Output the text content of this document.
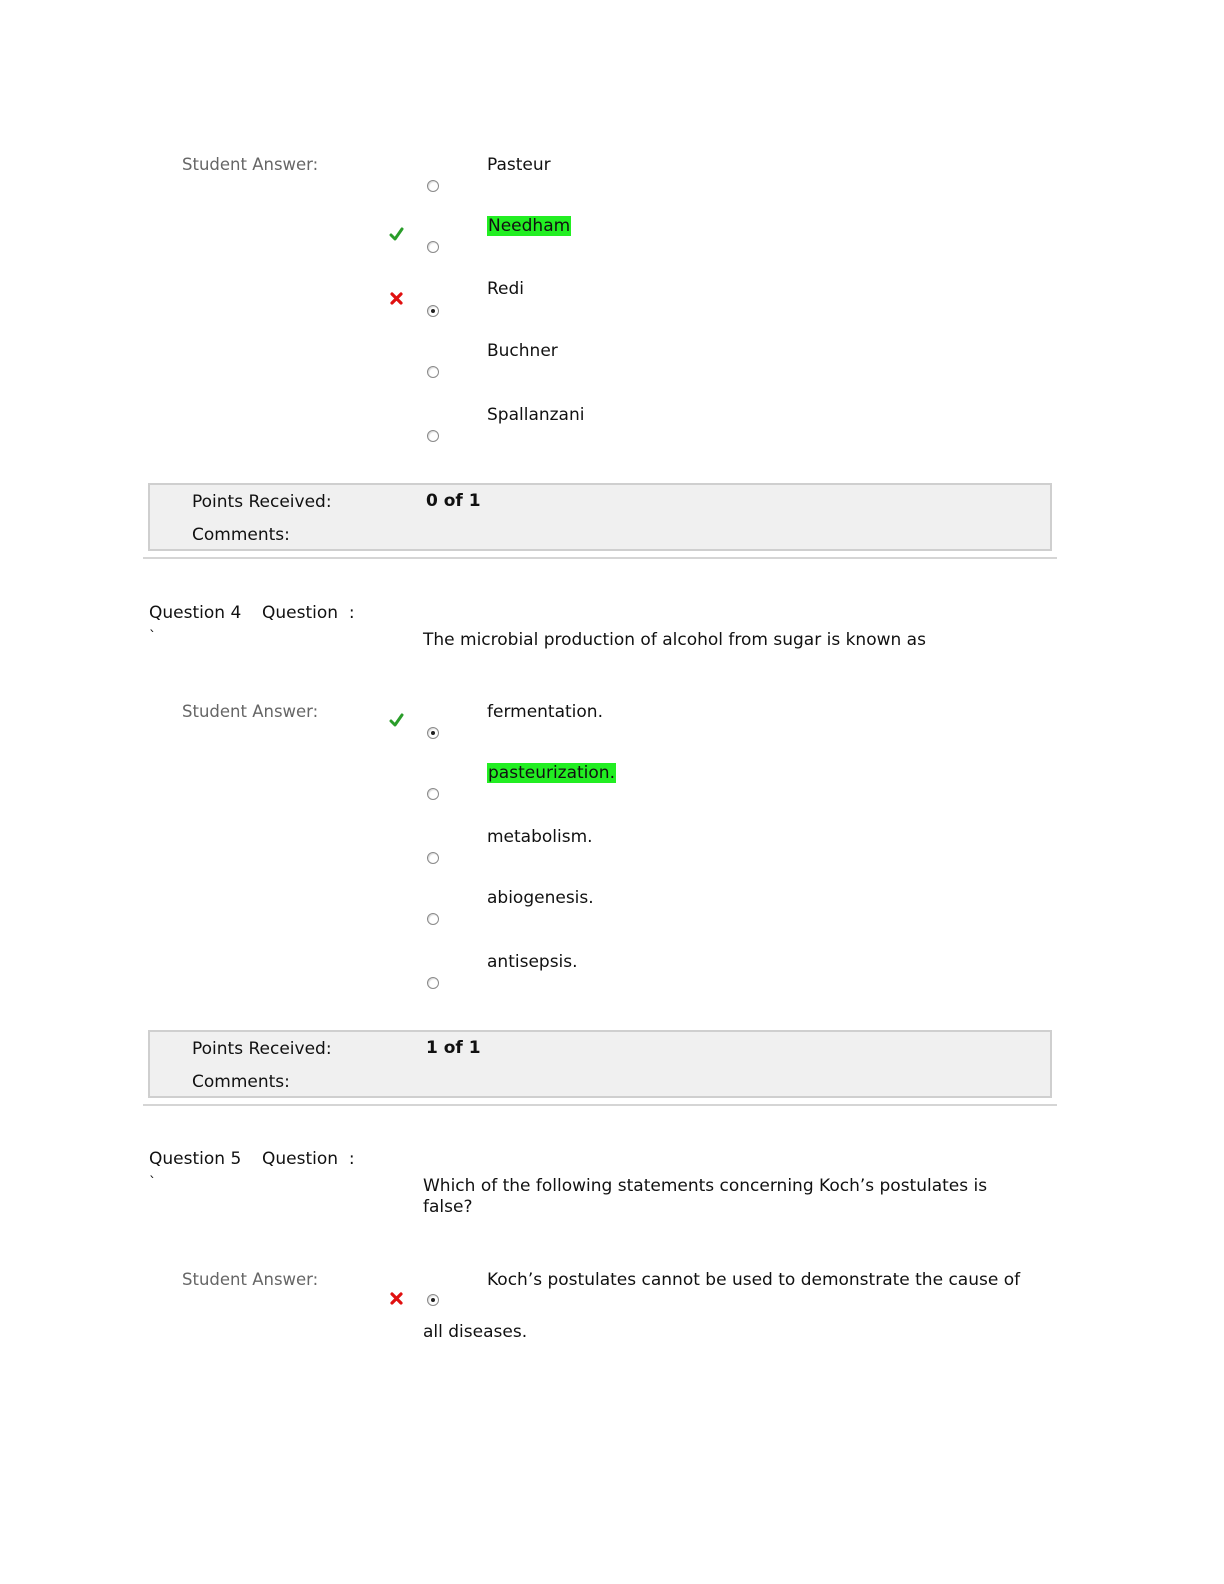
Student Answer:	Pasteur
Needham
Redi
Buchner
Spallanzani
Points Received:	0 of 1
Comments:
Question 4 Question  :
`	The microbial production of alcohol from sugar is known as
Student Answer:	fermentation.
pasteurization.
metabolism.
abiogenesis.
antisepsis.
Points Received:	1 of 1
Comments:
Question 5 Question  :
`	Which of the following statements concerning Koch’s postulates is false?
Student Answer:	Koch’s postulates cannot be used to demonstrate the cause of
all diseases.
